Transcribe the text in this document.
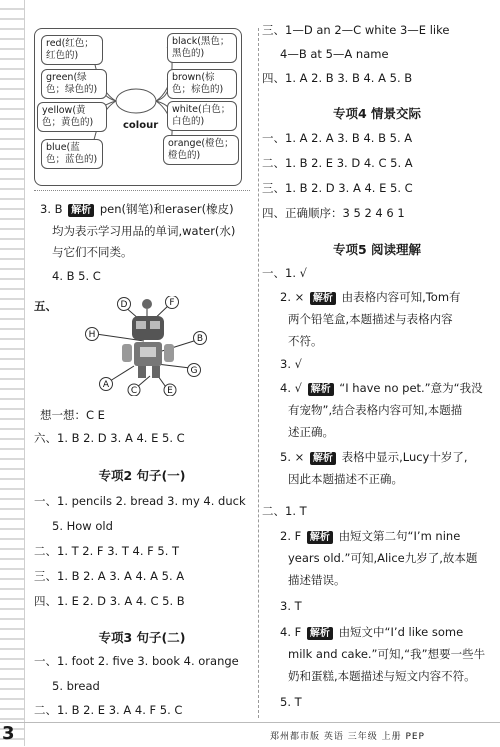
colour
red(红色；红色的)
green(绿色；绿色的)
yellow(黄色；黄色的)
blue(蓝色；蓝色的)
black(黑色；黑色的)
brown(棕色；棕色的)
white(白色；白色的)
orange(橙色；橙色的)
3. B 解析 pen(钢笔)和eraser(橡皮)
均为表示学习用品的单词,water(水)
与它们不同类。
4. B 5. C
五、	D	F
H	B
G
A
C	E
想一想：C E
六、1. B 2. D 3. A 4. E 5. C
专项2 句子(一)
一、1. pencils 2. bread 3. my 4. duck
5. How old
二、1. T 2. F 3. T 4. F 5. T
三、1. B 2. A 3. A 4. A 5. A
四、1. E 2. D 3. A 4. C 5. B
专项3 句子(二)
一、1. foot 2. five 3. book 4. orange
5. bread
二、1. B 2. E 3. A 4. F 5. C
三、1—D an 2—C white 3—E like
4—B at 5—A name
四、1. A 2. B 3. B 4. A 5. B
专项4 情景交际
一、1. A 2. A 3. B 4. B 5. A
二、1. B 2. E 3. D 4. C 5. A
三、1. B 2. D 3. A 4. E 5. C
四、正确顺序：3 5 2 4 6 1
专项5 阅读理解
一、1. √
2. × 解析 由表格内容可知,Tom有
两个铅笔盒,本题描述与表格内容
不符。
3. √
4. √ 解析 “I have no pet.”意为“我没
有宠物”,结合表格内容可知,本题描
述正确。
5. × 解析 表格中显示,Lucy十岁了,
因此本题描述不正确。
二、1. T
2. F 解析 由短文第二句“I’m nine
years old.”可知,Alice九岁了,故本题
描述错误。
3. T
4. F 解析 由短文中“I’d like some
milk and cake.”可知,“我”想要一些牛
奶和蛋糕,本题描述与短文内容不符。
5. T
3	郑州都市版 英语 三年级 上册 PEP
